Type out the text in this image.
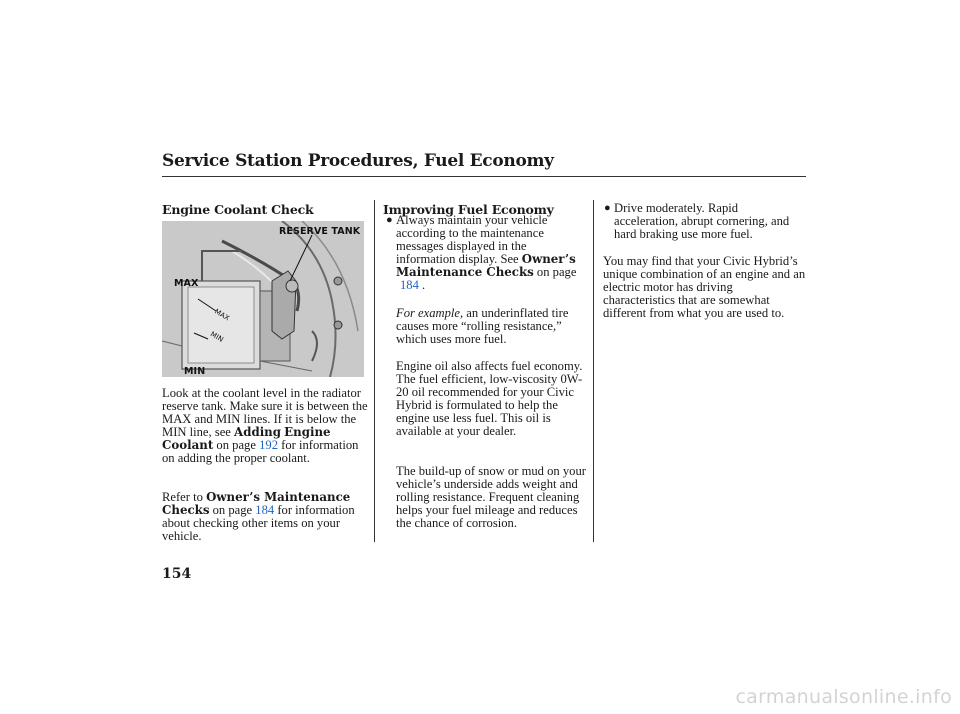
Service Station Procedures, Fuel Economy
Engine Coolant Check
RESERVE TANK
MAX
MIN
MAX
MIN
Look at the coolant level in the radiator reserve tank. Make sure it is between the MAX and MIN lines. If it is below the MIN line, see Adding Engine Coolant on page 192 for information on adding the proper coolant.
Refer to Owner’s Maintenance Checks on page 184 for information about checking other items on your vehicle.
Improving Fuel Economy
● Always maintain your vehicle according to the maintenance messages displayed in the information display. See Owner’s Maintenance Checks on page
184 .
For example, an underinflated tire causes more “rolling resistance,” which uses more fuel.
Engine oil also affects fuel economy. The fuel efficient, low-viscosity 0W-20 oil recommended for your Civic Hybrid is formulated to help the engine use less fuel. This oil is available at your dealer.
The build-up of snow or mud on your vehicle’s underside adds weight and rolling resistance. Frequent cleaning helps your fuel mileage and reduces the chance of corrosion.
● Drive moderately. Rapid acceleration, abrupt cornering, and hard braking use more fuel.
You may find that your Civic Hybrid’s unique combination of an engine and an electric motor has driving characteristics that are somewhat different from what you are used to.
154
carmanualsonline.info
